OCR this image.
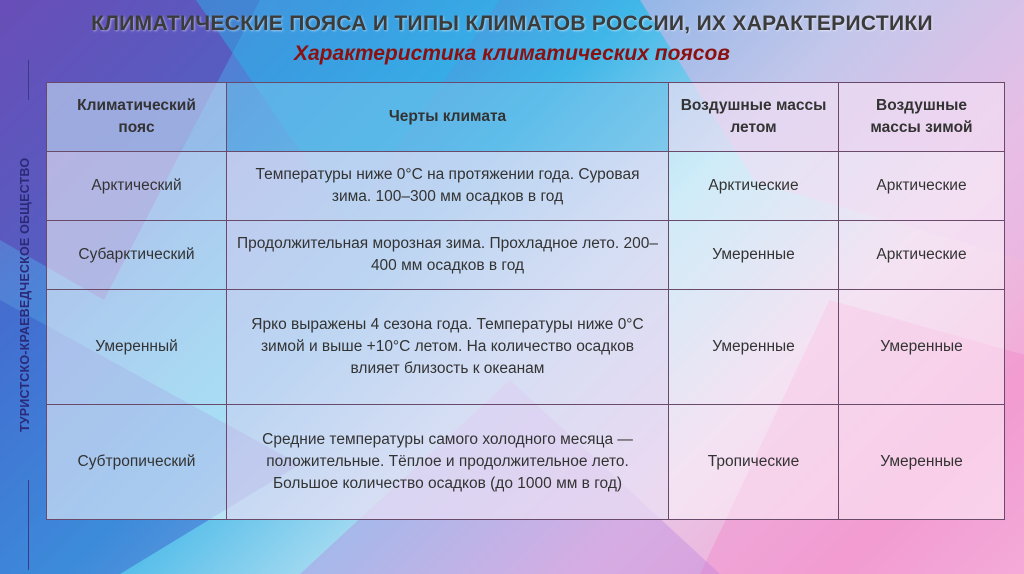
ТУРИСТСКО-КРАЕВЕДЧЕСКОЕ ОБЩЕСТВО
КЛИМАТИЧЕСКИЕ ПОЯСА И ТИПЫ КЛИМАТОВ РОССИИ, ИХ ХАРАКТЕРИСТИКИ
Характеристика климатических поясов
Климатический пояс	Черты климата	Воздушные массы летом	Воздушные массы зимой
Арктический	Температуры ниже 0°C на протяжении года. Суровая зима. 100–300 мм осадков в год	Арктические	Арктические
Субарктический	Продолжительная морозная зима. Прохладное лето. 200–400 мм осадков в год	Умеренные	Арктические
Умеренный	Ярко выражены 4 сезона года. Температуры ниже 0°C зимой и выше +10°C летом. На количество осадков влияет близость к океанам	Умеренные	Умеренные
Субтропический	Средние температуры самого холодного месяца — положительные. Тёплое и продолжительное лето. Большое количество осадков (до 1000 мм в год)	Тропические	Умеренные
